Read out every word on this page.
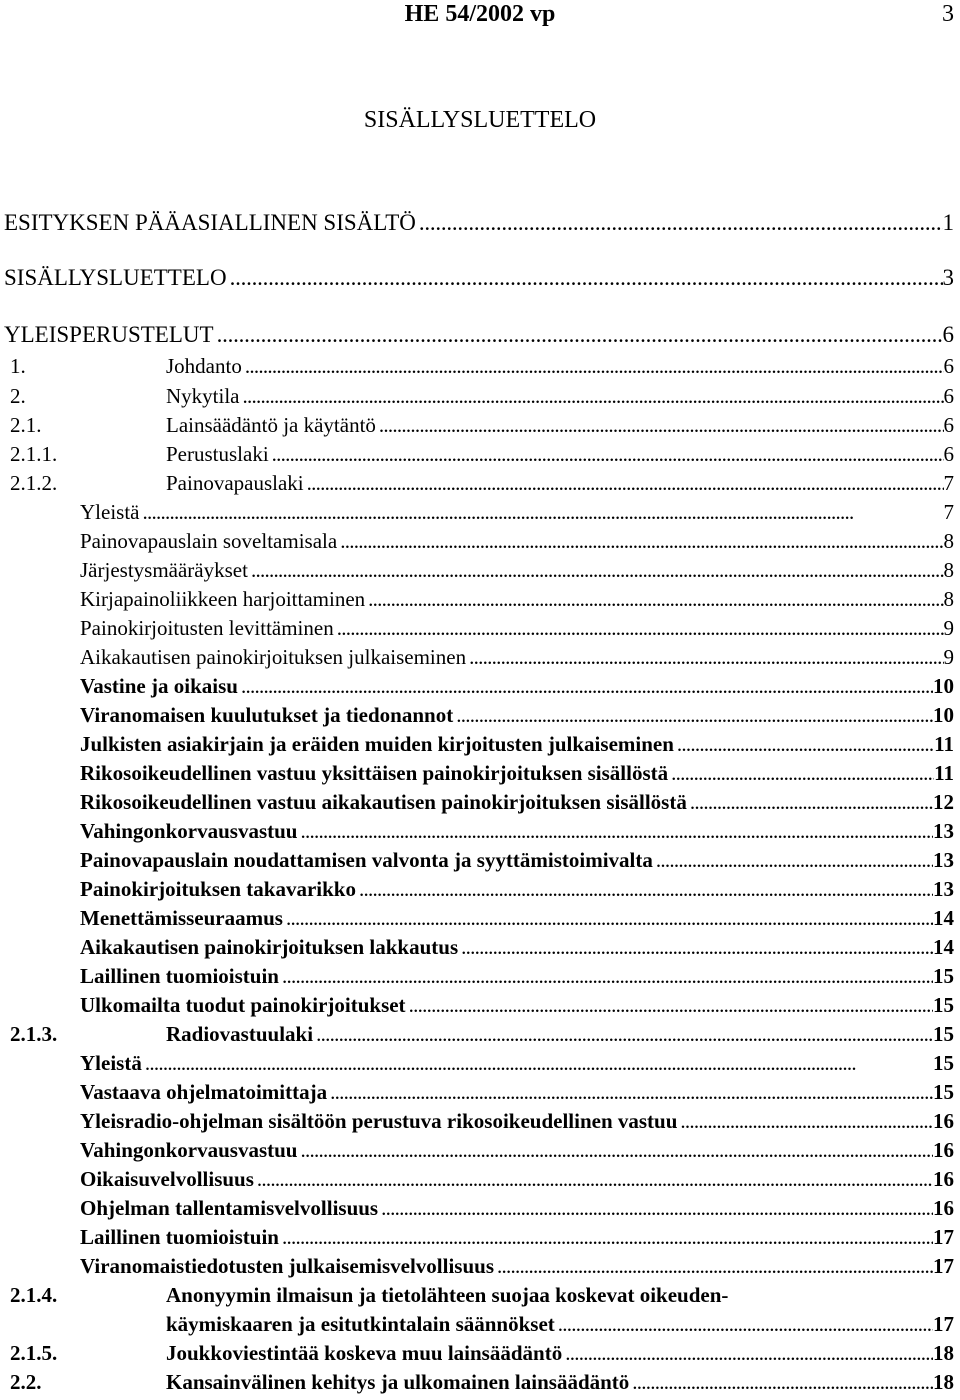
HE 54/2002 vp	3
SISÄLLYSLUETTELO
ESITYKSEN PÄÄASIALLINEN SISÄLTÖ . . .	1
SISÄLLYSLUETTELO . . .	3
YLEISPERUSTELUT . . .	6
1.	Johdanto . . .	6
2.	Nykytila . . .	6
2.1.	Lainsäädäntö ja käytäntö . . .	6
2.1.1.	Perustuslaki . . .	6
2.1.2.	Painovapauslaki . . .	7
Yleistä . . .	7
Painovapauslain soveltamisala . . .	8
Järjestysmääräykset . . .	8
Kirjapainoliikkeen harjoittaminen . . .	8
Painokirjoitusten levittäminen . . .	9
Aikakautisen painokirjoituksen julkaiseminen . . .	9
Vastine ja oikaisu . . .	10
Viranomaisen kuulutukset ja tiedonannot . . .	10
Julkisten asiakirjain ja eräiden muiden kirjoitusten julkaiseminen . . .	11
Rikosoikeudellinen vastuu yksittäisen painokirjoituksen sisällöstä . . .	11
Rikosoikeudellinen vastuu aikakautisen painokirjoituksen sisällöstä . . .	12
Vahingonkorvausvastuu . . .	13
Painovapauslain noudattamisen valvonta ja syyttämistoimivalta . . .	13
Painokirjoituksen takavarikko . . .	13
Menettämisseuraamus . . .	14
Aikakautisen painokirjoituksen lakkautus . . .	14
Laillinen tuomioistuin . . .	15
Ulkomailta tuodut painokirjoitukset . . .	15
2.1.3.	Radiovastuulaki . . .	15
Yleistä . . .	15
Vastaava ohjelmatoimittaja . . .	15
Yleisradio-ohjelman sisältöön perustuva rikosoikeudellinen vastuu . . .	16
Vahingonkorvausvastuu . . .	16
Oikaisuvelvollisuus . . .	16
Ohjelman tallentamisvelvollisuus . . .	16
Laillinen tuomioistuin . . .	17
Viranomaistiedotusten julkaisemisvelvollisuus . . .	17
2.1.4.	Anonyymin ilmaisun ja tietolähteen suojaa koskevat oikeuden-
käymiskaaren ja esitutkintalain säännökset . . .	17
2.1.5.	Joukkoviestintää koskeva muu lainsäädäntö . . .	18
2.2.	Kansainvälinen kehitys ja ulkomainen lainsäädäntö . . .	18
